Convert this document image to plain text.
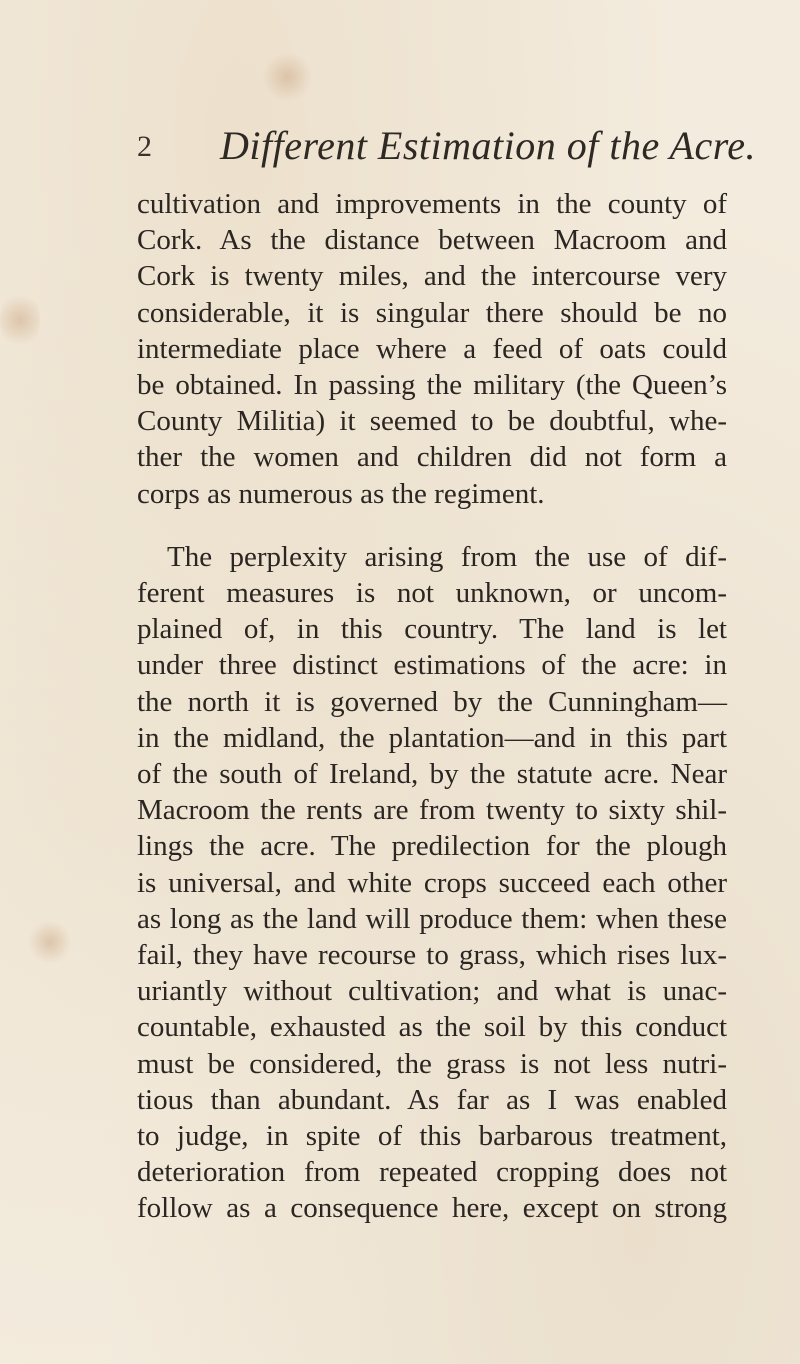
2 Different Estimation of the Acre.
cultivation and improvements in the county of
Cork. As the distance between Macroom and
Cork is twenty miles, and the intercourse very
considerable, it is singular there should be no
intermediate place where a feed of oats could
be obtained. In passing the military (the Queen’s
County Militia) it seemed to be doubtful, whe-
ther the women and children did not form a
corps as numerous as the regiment.
The perplexity arising from the use of dif-
ferent measures is not unknown, or uncom-
plained of, in this country. The land is let
under three distinct estimations of the acre: in
the north it is governed by the Cunningham—
in the midland, the plantation—and in this part
of the south of Ireland, by the statute acre. Near
Macroom the rents are from twenty to sixty shil-
lings the acre. The predilection for the plough
is universal, and white crops succeed each other
as long as the land will produce them: when these
fail, they have recourse to grass, which rises lux-
uriantly without cultivation; and what is unac-
countable, exhausted as the soil by this conduct
must be considered, the grass is not less nutri-
tious than abundant. As far as I was enabled
to judge, in spite of this barbarous treatment,
deterioration from repeated cropping does not
follow as a consequence here, except on strong
